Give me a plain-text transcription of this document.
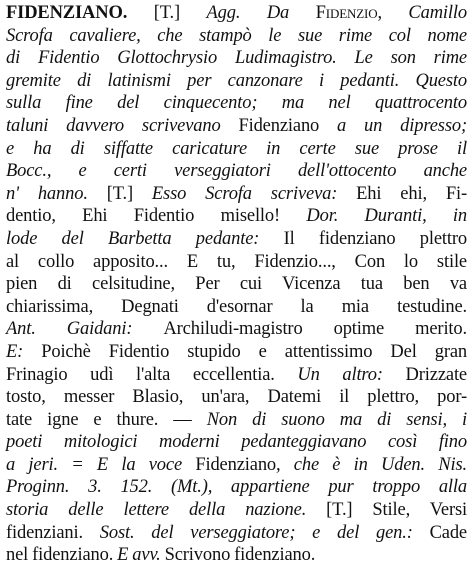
FIDENZIANO. [T.] Agg. Da Fidenzio, Camillo
Scrofa cavaliere, che stampò le sue rime col nome
di Fidentio Glottochrysio Ludimagistro. Le son rime
gremite di latinismi per canzonare i pedanti. Questo
sulla fine del cinquecento; ma nel quattrocento
taluni davvero scrivevano Fidenziano a un dipresso;
e ha di siffatte caricature in certe sue prose il
Bocc., e certi verseggiatori dell'ottocento anche
n' hanno. [T.] Esso Scrofa scriveva: Ehi ehi, Fi-
dentio, Ehi Fidentio misello! Dor. Duranti, in
lode del Barbetta pedante: Il fidenziano plettro
al collo apposito... E tu, Fidenzio..., Con lo stile
pien di celsitudine, Per cui Vicenza tua ben va
chiarissima, Degnati d'esornar la mia testudine.
Ant. Gaidani: Archiludi-magistro optime merito.
E: Poichè Fidentio stupido e attentissimo Del gran
Frinagio udì l'alta eccellentia. Un altro: Drizzate
tosto, messer Blasio, un'ara, Datemi il plettro, por-
tate igne e thure. — Non di suono ma di sensi, i
poeti mitologici moderni pedanteggiavano così fino
a jeri. = E la voce Fidenziano, che è in Uden. Nis.
Proginn. 3. 152. (Mt.), appartiene pur troppo alla
storia delle lettere della nazione. [T.] Stile, Versi
fidenziani. Sost. del verseggiatore; e del gen.: Cade
nel fidenziano. E avv. Scrivono fidenziano.
